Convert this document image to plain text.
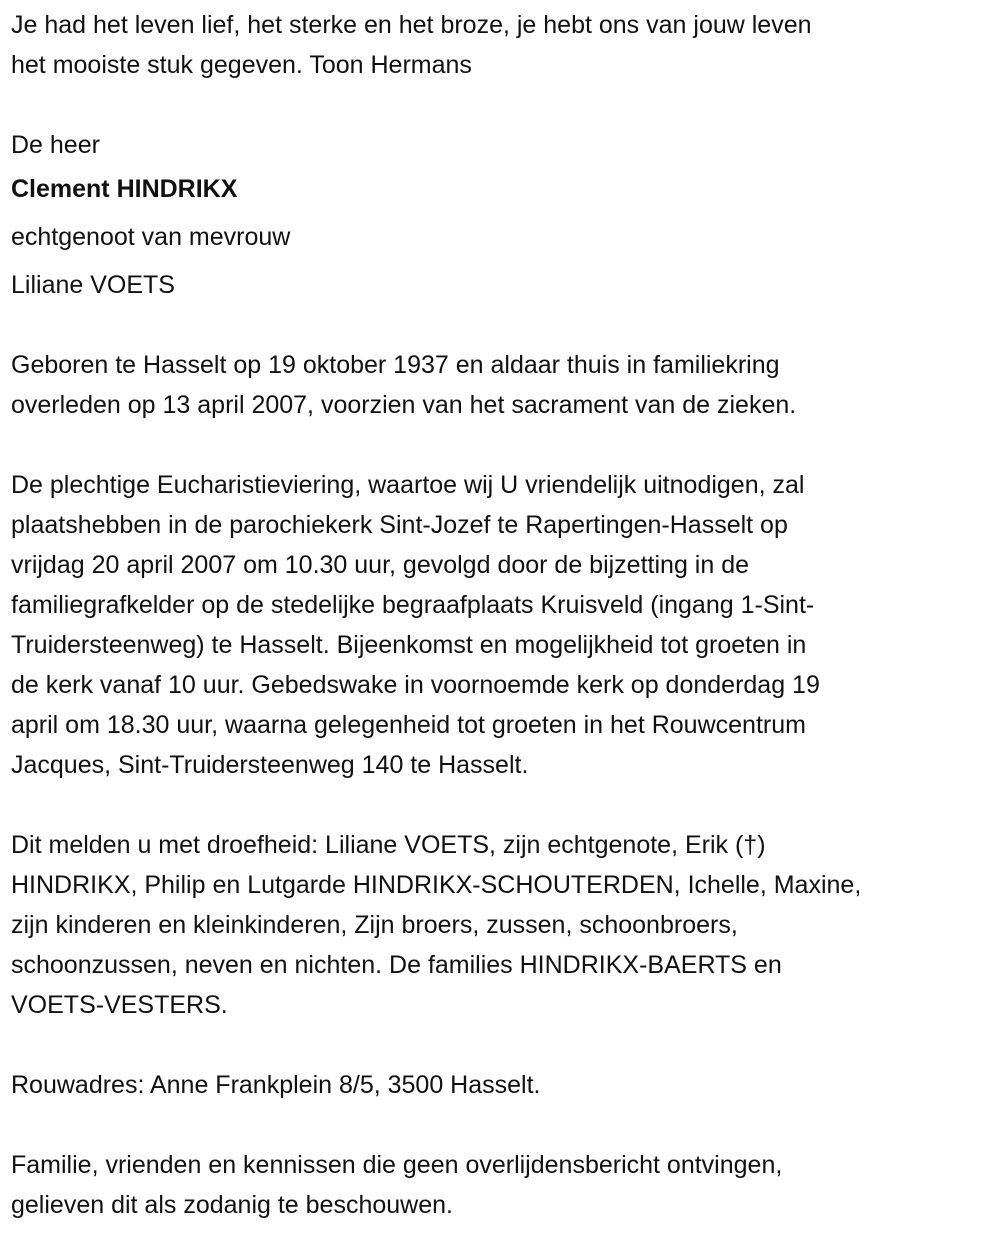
Je had het leven lief, het sterke en het broze, je hebt ons van jouw leven
het mooiste stuk gegeven. Toon Hermans
De heer
Clement HINDRIKX
echtgenoot van mevrouw
Liliane VOETS
Geboren te Hasselt op 19 oktober 1937 en aldaar thuis in familiekring
overleden op 13 april 2007, voorzien van het sacrament van de zieken.
De plechtige Eucharistieviering, waartoe wij U vriendelijk uitnodigen, zal
plaatshebben in de parochiekerk Sint-Jozef te Rapertingen-Hasselt op
vrijdag 20 april 2007 om 10.30 uur, gevolgd door de bijzetting in de
familiegrafkelder op de stedelijke begraafplaats Kruisveld (ingang 1-Sint-
Truidersteenweg) te Hasselt. Bijeenkomst en mogelijkheid tot groeten in
de kerk vanaf 10 uur. Gebedswake in voornoemde kerk op donderdag 19
april om 18.30 uur, waarna gelegenheid tot groeten in het Rouwcentrum
Jacques, Sint-Truidersteenweg 140 te Hasselt.
Dit melden u met droefheid: Liliane VOETS, zijn echtgenote, Erik (†)
HINDRIKX, Philip en Lutgarde HINDRIKX-SCHOUTERDEN, Ichelle, Maxine,
zijn kinderen en kleinkinderen, Zijn broers, zussen, schoonbroers,
schoonzussen, neven en nichten. De families HINDRIKX-BAERTS en
VOETS-VESTERS.
Rouwadres: Anne Frankplein 8/5, 3500 Hasselt.
Familie, vrienden en kennissen die geen overlijdensbericht ontvingen,
gelieven dit als zodanig te beschouwen.
